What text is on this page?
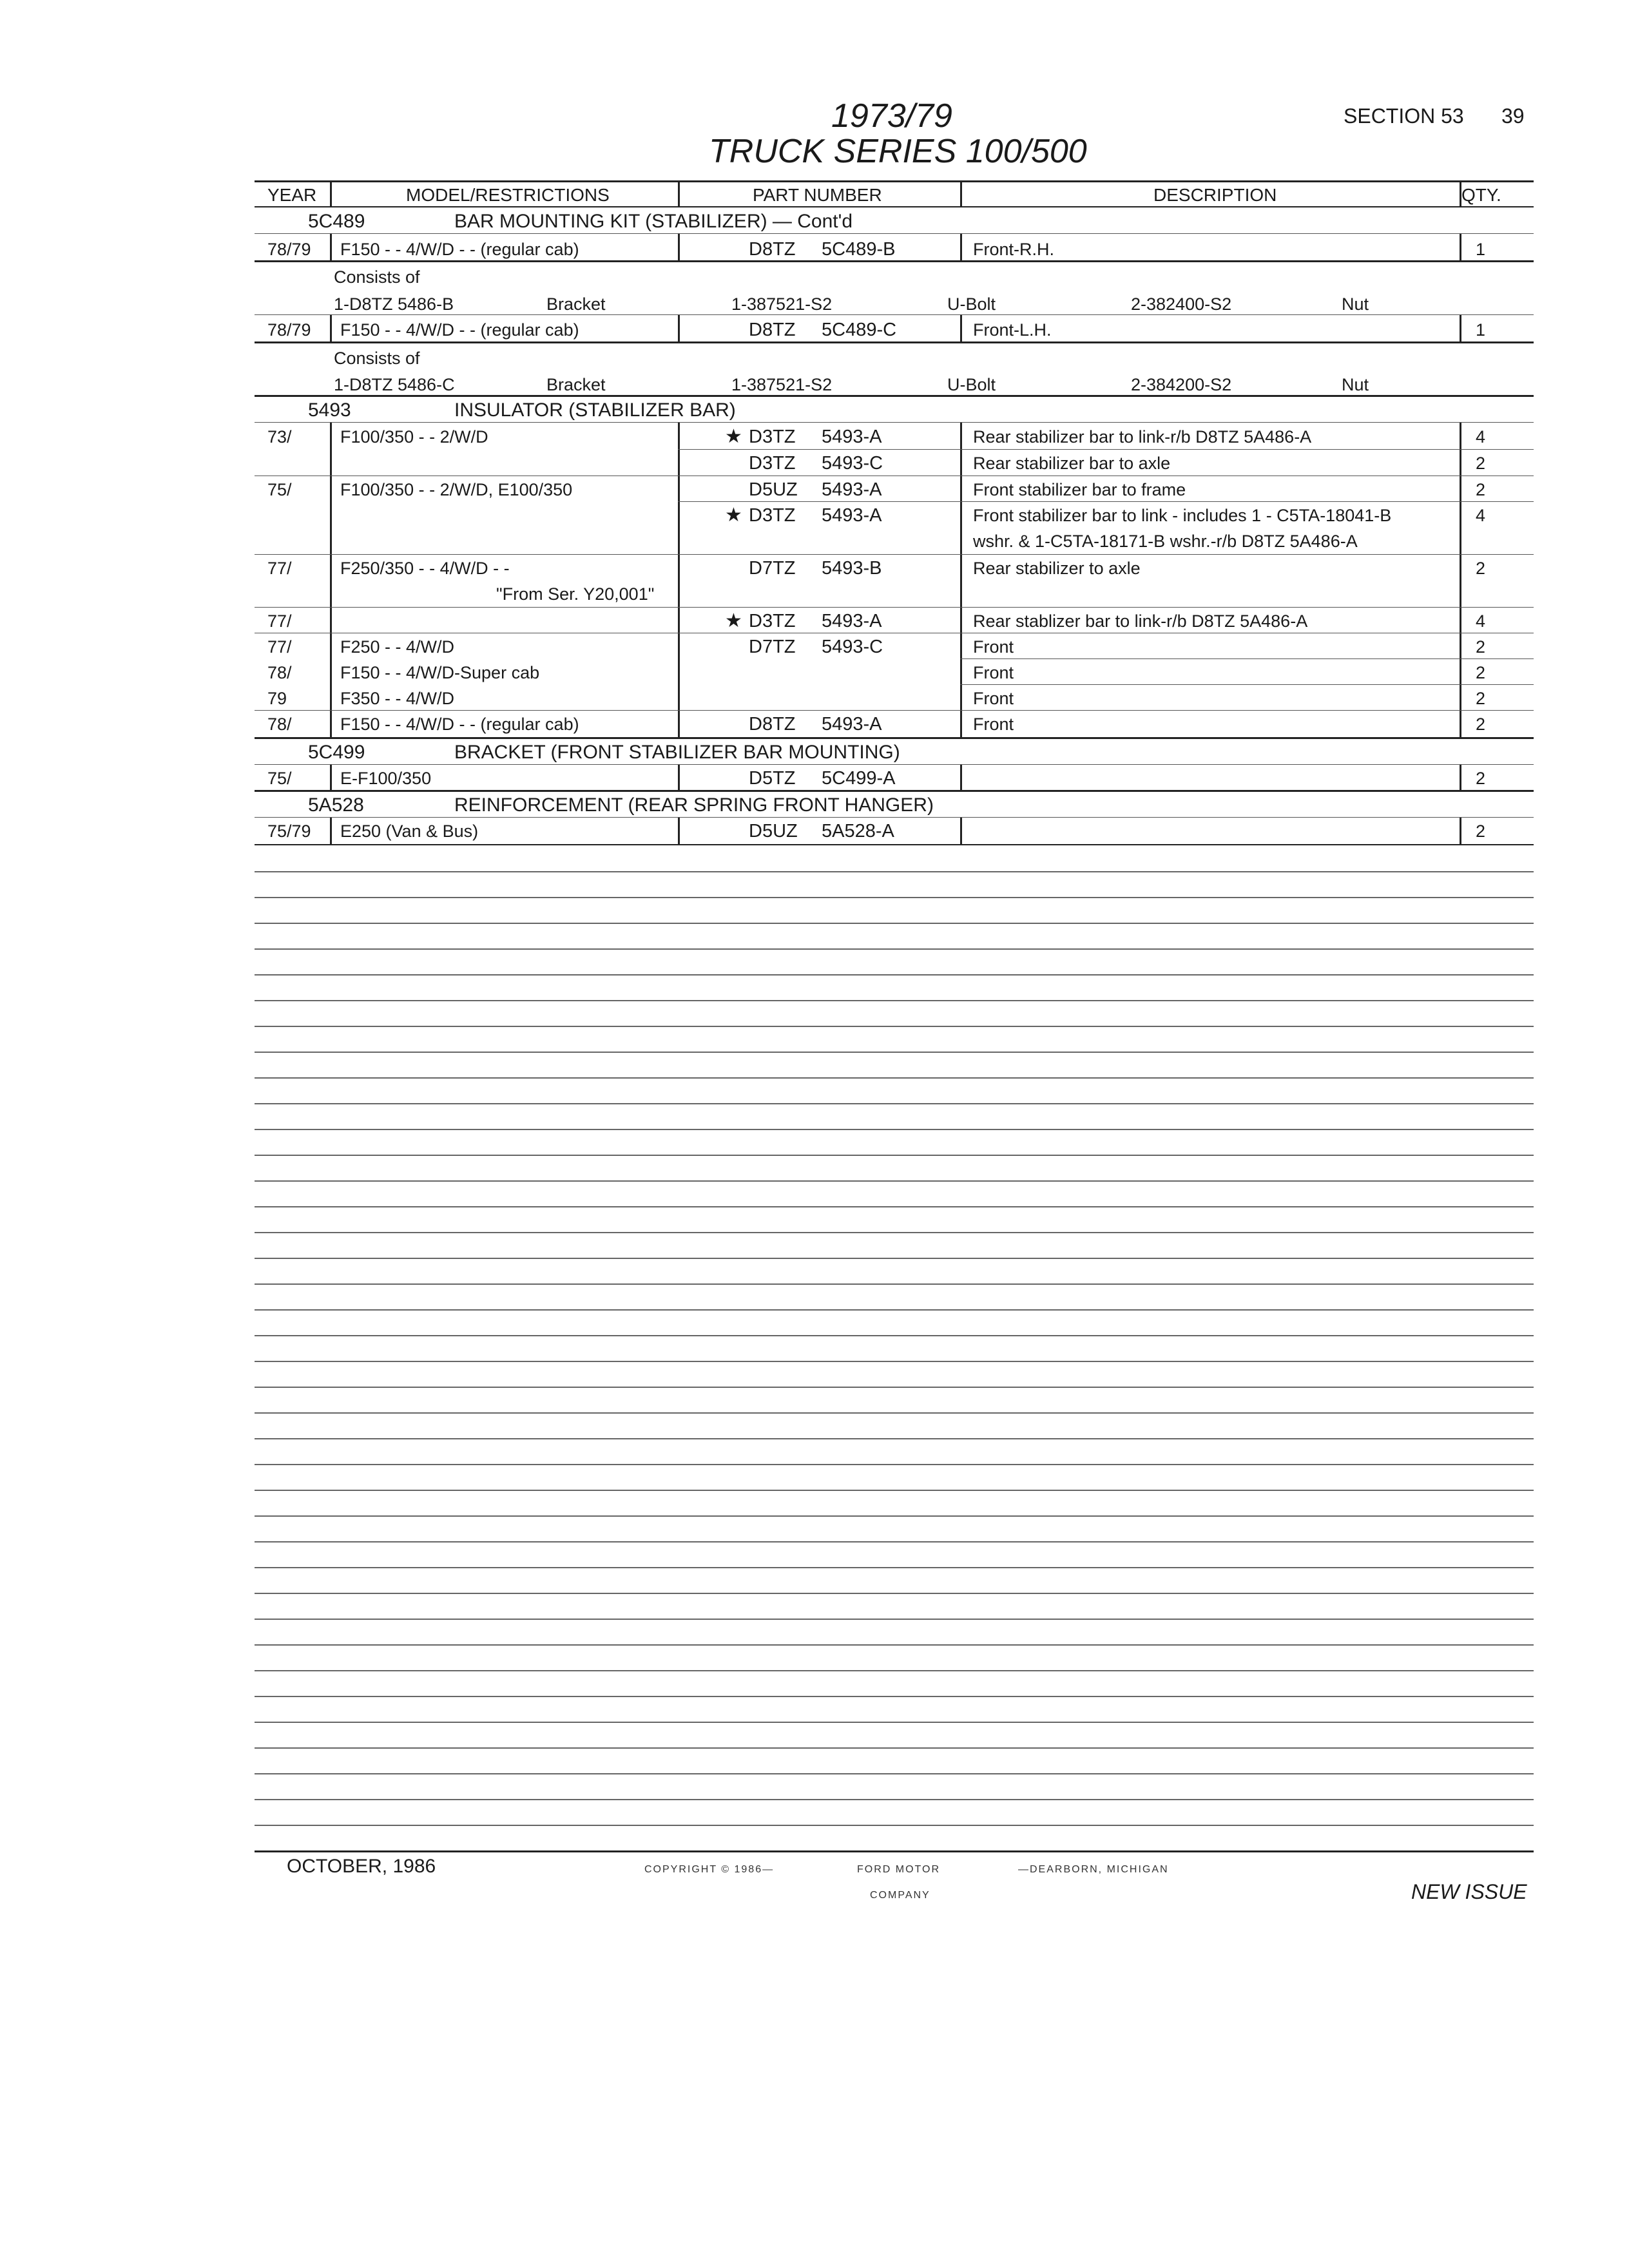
1973/79
TRUCK SERIES 100/500
SECTION 53 39
YEAR	MODEL/RESTRICTIONS	PART NUMBER	DESCRIPTION	QTY.
5C489	BAR MOUNTING KIT (STABILIZER) — Cont'd
78/79 F150 - - 4/W/D - - (regular cab)	D8TZ 5C489-B	Front-R.H.	1
Consists of
1-D8TZ 5486-B	Bracket	1-387521-S2	U-Bolt	2-382400-S2	Nut
78/79 F150 - - 4/W/D - - (regular cab)	D8TZ 5C489-C	Front-L.H.	1
Consists of
1-D8TZ 5486-C	Bracket	1-387521-S2	U-Bolt	2-384200-S2	Nut
5493	INSULATOR (STABILIZER BAR)
73/	F100/350 - - 2/W/D	★ D3TZ 5493-A	Rear stabilizer bar to link-r/b D8TZ 5A486-A	4
D3TZ 5493-C	Rear stabilizer bar to axle	2
75/	F100/350 - - 2/W/D, E100/350	D5UZ 5493-A	Front stabilizer bar to frame	2
★ D3TZ 5493-A	Front stabilizer bar to link - includes 1 - C5TA-18041-B
wshr. & 1-C5TA-18171-B wshr.-r/b D8TZ 5A486-A
4
77/	F250/350 - - 4/W/D - -
"From Ser. Y20,001"
D7TZ 5493-B	Rear stabilizer to axle	2
77/	★ D3TZ 5493-A	Rear stablizer bar to link-r/b D8TZ 5A486-A	4
77/	F250 - - 4/W/D	D7TZ 5493-C	Front	2
78/	F150 - - 4/W/D-Super cab	Front	2
79	F350 - - 4/W/D	Front	2
78/	F150 - - 4/W/D - - (regular cab)	D8TZ 5493-A	Front	2
5C499	BRACKET (FRONT STABILIZER BAR MOUNTING)
75/	E-F100/350	D5TZ 5C499-A	2
5A528	REINFORCEMENT (REAR SPRING FRONT HANGER)
75/79 E250 (Van & Bus)	D5UZ 5A528-A	2
OCTOBER, 1986	COPYRIGHT © 1986—	FORD MOTOR
COMPANY
—DEARBORN, MICHIGAN
NEW ISSUE
